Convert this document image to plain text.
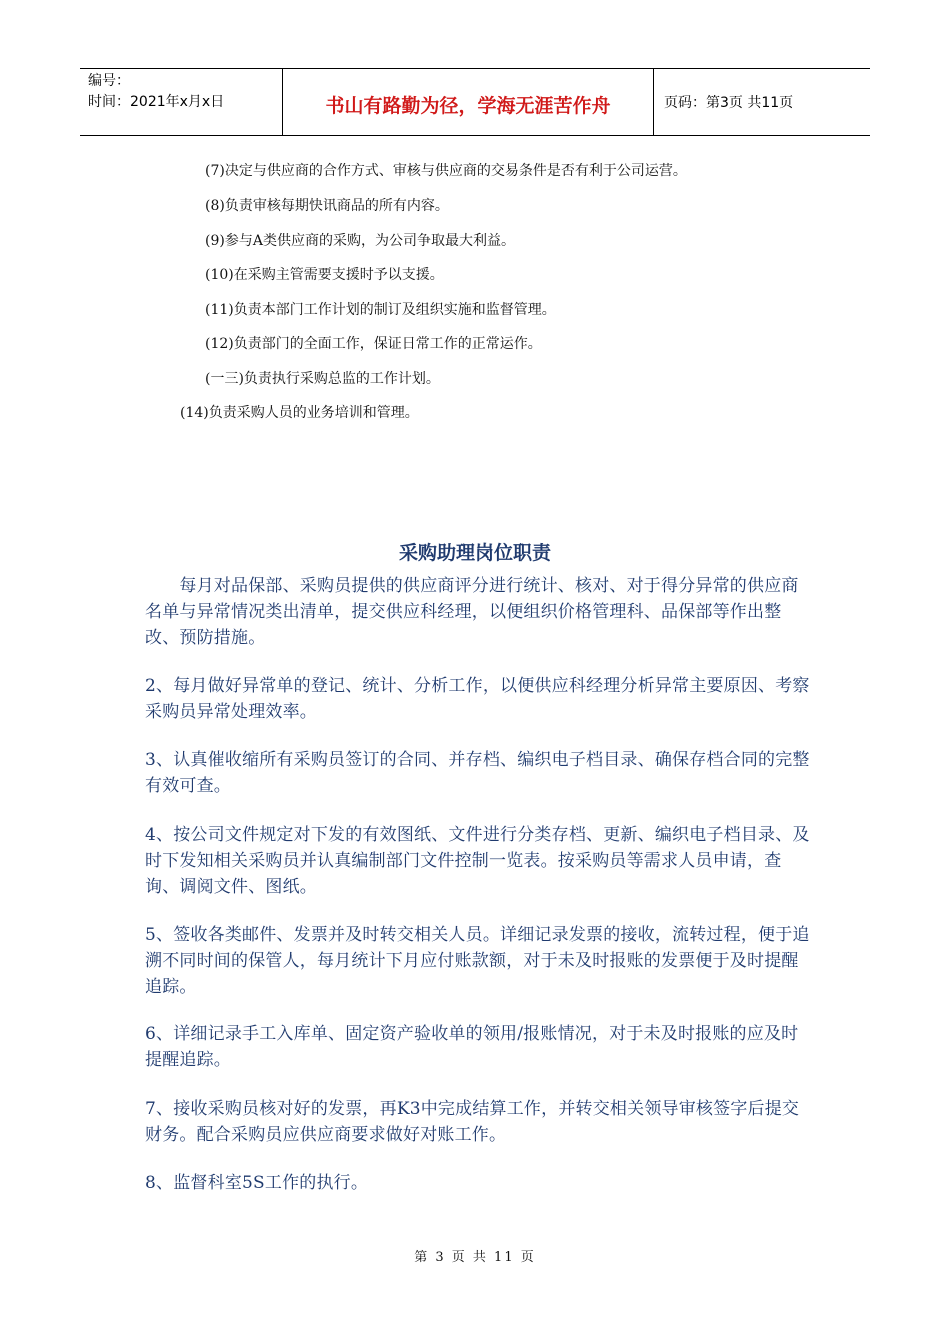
编号：
时间：2021年x月x日	书山有路勤为径，学海无涯苦作舟	页码：第3页 共11页
(7)决定与供应商的合作方式、审核与供应商的交易条件是否有利于公司运营。
(8)负责审核每期快讯商品的所有内容。
(9)参与A类供应商的采购，为公司争取最大利益。
(10)在采购主管需要支援时予以支援。
(11)负责本部门工作计划的制订及组织实施和监督管理。
(12)负责部门的全面工作，保证日常工作的正常运作。
(一三)负责执行采购总监的工作计划。
(14)负责采购人员的业务培训和管理。
采购助理岗位职责
　　每月对品保部、采购员提供的供应商评分进行统计、核对、对于得分异常的供应商名单与异常情况类出清单，提交供应科经理，以便组织价格管理科、品保部等作出整改、预防措施。
2、每月做好异常单的登记、统计、分析工作，以便供应科经理分析异常主要原因、考察采购员异常处理效率。
3、认真催收缩所有采购员签订的合同、并存档、编织电子档目录、确保存档合同的完整有效可查。
4、按公司文件规定对下发的有效图纸、文件进行分类存档、更新、编织电子档目录、及时下发知相关采购员并认真编制部门文件控制一览表。按采购员等需求人员申请，查询、调阅文件、图纸。
5、签收各类邮件、发票并及时转交相关人员。详细记录发票的接收，流转过程，便于追溯不同时间的保管人，每月统计下月应付账款额，对于未及时报账的发票便于及时提醒追踪。
6、详细记录手工入库单、固定资产验收单的领用/报账情况，对于未及时报账的应及时提醒追踪。
7、接收采购员核对好的发票，再K3中完成结算工作，并转交相关领导审核签字后提交财务。配合采购员应供应商要求做好对账工作。
8、监督科室5S工作的执行。
第 3 页 共 11 页
